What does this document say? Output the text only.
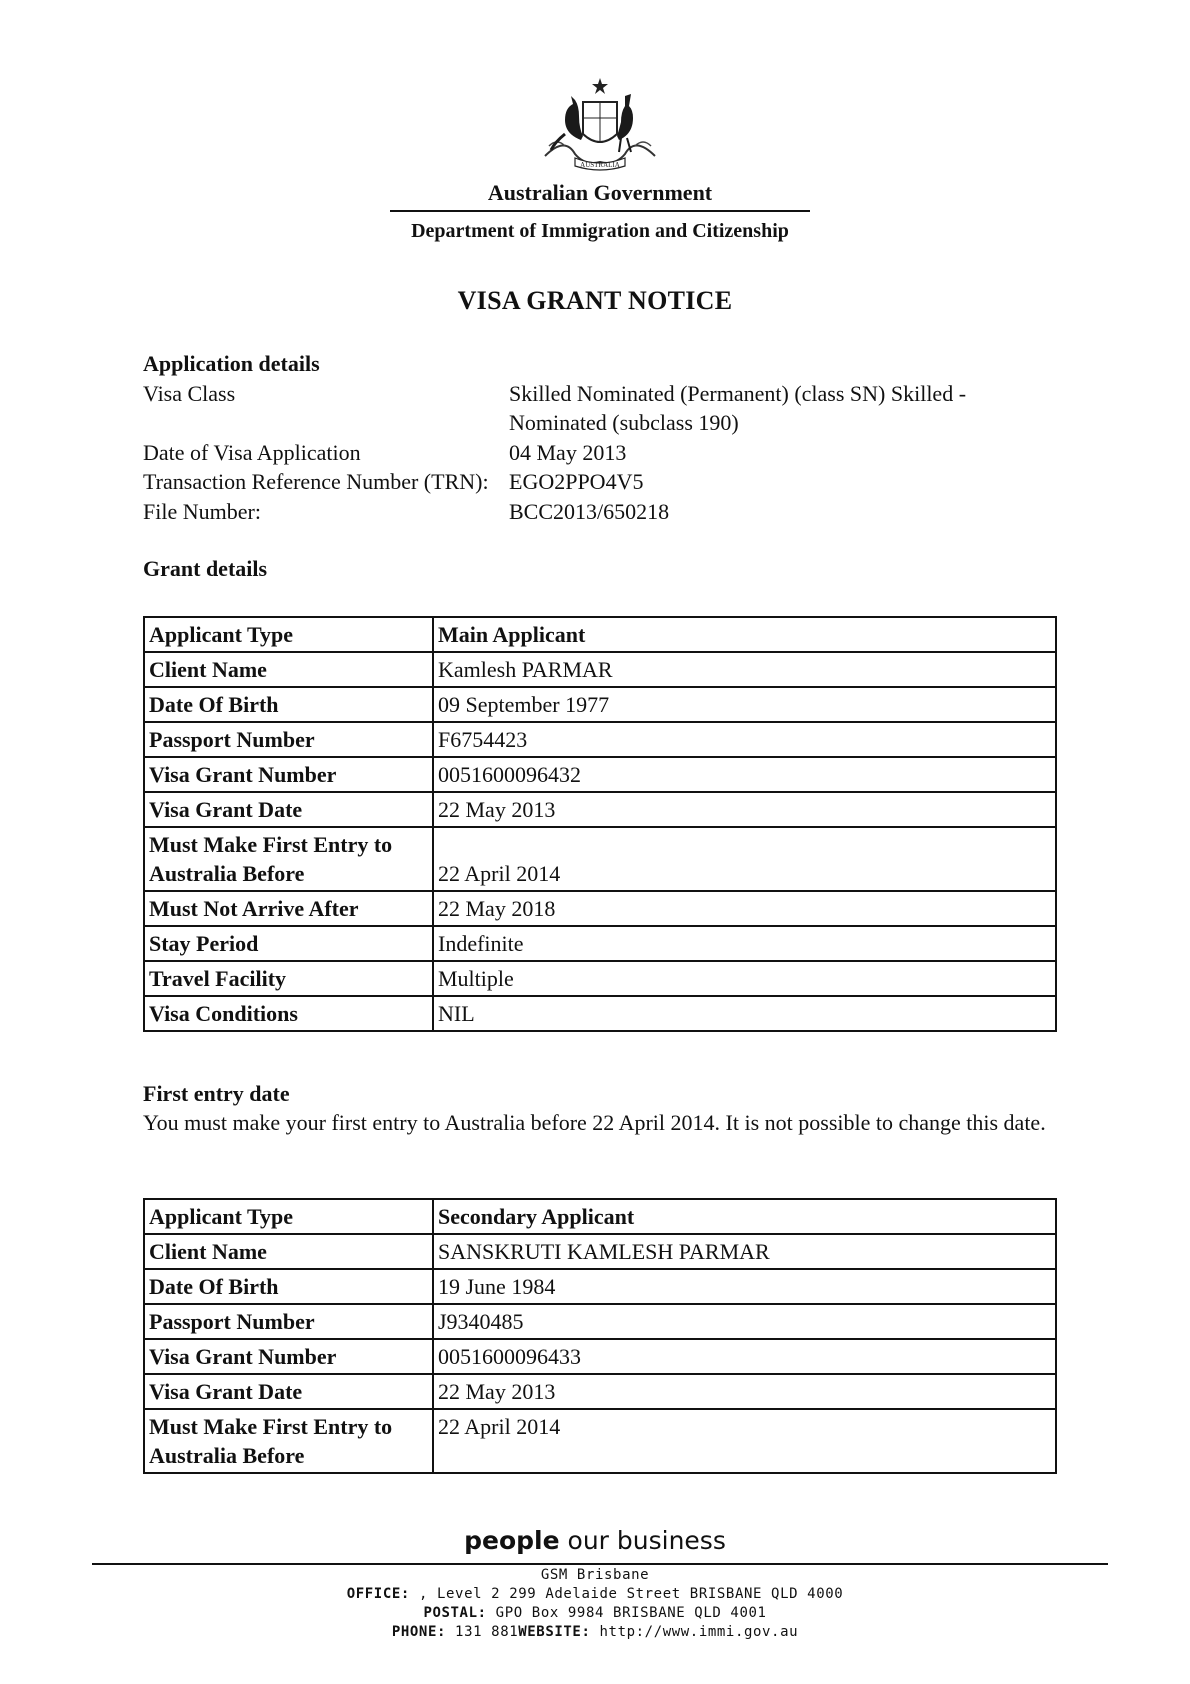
AUSTRALIA
Australian Government
Department of Immigration and Citizenship
VISA GRANT NOTICE
Application details
Visa Class	Skilled Nominated (Permanent) (class SN) Skilled - Nominated (subclass 190)
Date of Visa Application	04 May 2013
Transaction Reference Number (TRN): EGO2PPO4V5
File Number:	BCC2013/650218
Grant details
Applicant Type	Main Applicant
Client Name	Kamlesh PARMAR
Date Of Birth	09 September 1977
Passport Number	F6754423
Visa Grant Number	0051600096432
Visa Grant Date	22 May 2013
Must Make First Entry to Australia Before	22 April 2014
Must Not Arrive After	22 May 2018
Stay Period	Indefinite
Travel Facility	Multiple
Visa Conditions	NIL
First entry date
You must make your first entry to Australia before 22 April 2014. It is not possible to change this date.
Applicant Type	Secondary Applicant
Client Name	SANSKRUTI KAMLESH PARMAR
Date Of Birth	19 June 1984
Passport Number	J9340485
Visa Grant Number	0051600096433
Visa Grant Date	22 May 2013
Must Make First Entry to Australia Before	22 April 2014
people our business
GSM Brisbane
OFFICE: , Level 2 299 Adelaide Street BRISBANE QLD 4000
POSTAL: GPO Box 9984 BRISBANE QLD 4001
PHONE: 131 881WEBSITE: http://www.immi.gov.au
